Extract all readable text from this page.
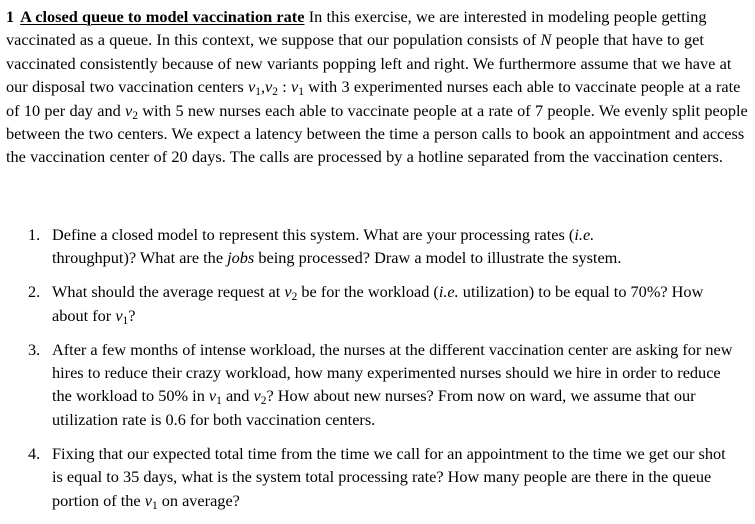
1 A closed queue to model vaccination rate In this exercise, we are interested in modeling people getting vaccinated as a queue. In this context, we suppose that our population consists of N people that have to get vaccinated consistently because of new variants popping left and right. We furthermore assume that we have at our disposal two vaccination centers $v_1,v_2$ : $v_1$ with 3 experimented nurses each able to vaccinate people at a rate of 10 per day and $v_2$ with 5 new nurses each able to vaccinate people at a rate of 7 people. We evenly split people between the two centers. We expect a latency between the time a person calls to book an appointment and access the vaccination center of 20 days. The calls are processed by a hotline separated from the vaccination centers.

1. Define a closed model to represent this system. What are your processing rates (i.e.
throughput)? What are the jobs being processed? Draw a model to illustrate the system.
2. What should the average request at $v_2$ be for the workload (i.e. utilization) to be equal to 70%? How about for $v_1$?
3. After a few months of intense workload, the nurses at the different vaccination center are asking for new hires to reduce their crazy workload, how many experimented nurses should we hire in order to reduce the workload to 50% in $v_1$ and $v_2$? How about new nurses? From now on ward, we assume that our utilization rate is 0.6 for both vaccination centers.
4. Fixing that our expected total time from the time we call for an appointment to the time we get our shot is equal to 35 days, what is the system total processing rate? How many people are there in the queue portion of the $v_1$ on average?
